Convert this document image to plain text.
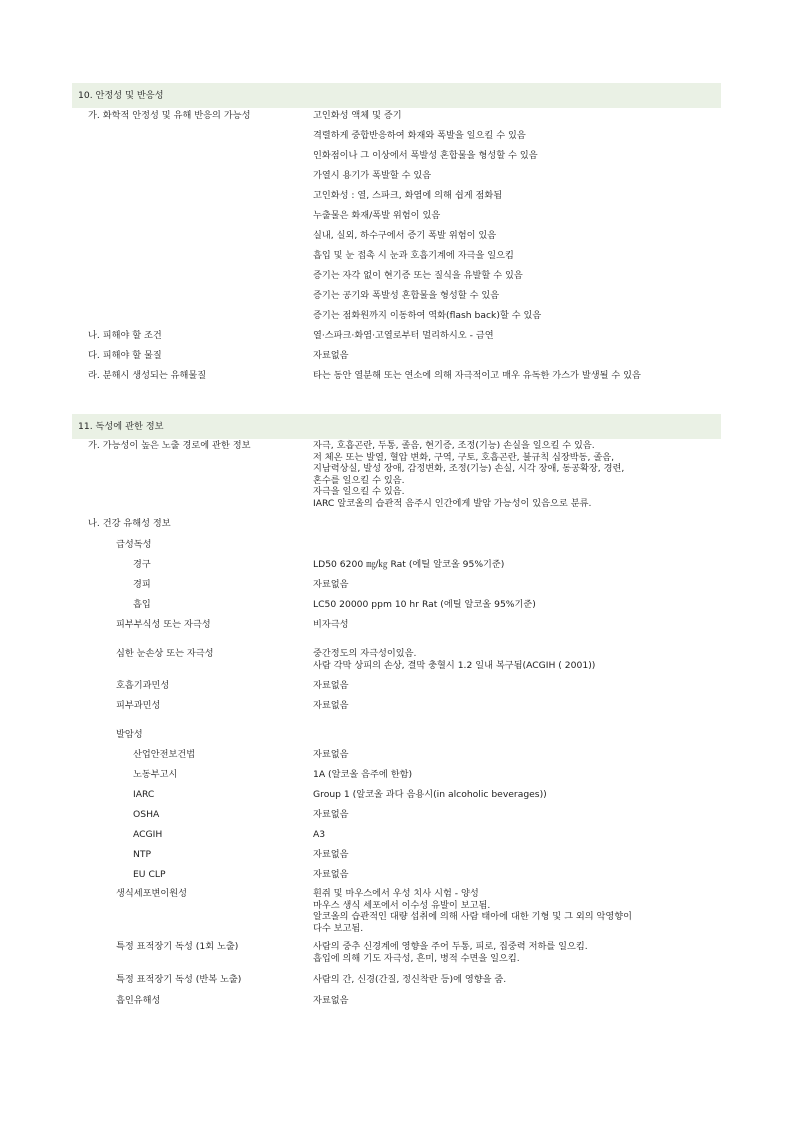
10. 안정성 및 반응성
가. 화학적 안정성 및 유해 반응의 가능성	고인화성 액체 및 증기
격렬하게 중합반응하여 화재와 폭발을 일으킬 수 있음
인화점이나 그 이상에서 폭발성 혼합물을 형성할 수 있음
가열시 용기가 폭발할 수 있음
고인화성 : 열, 스파크, 화염에 의해 쉽게 점화됨
누출물은 화재/폭발 위험이 있음
실내, 실외, 하수구에서 증기 폭발 위험이 있음
흡입 및 눈 접촉 시 눈과 호흡기계에 자극을 일으킴
증기는 자각 없이 현기증 또는 질식을 유발할 수 있음
증기는 공기와 폭발성 혼합물을 형성할 수 있음
증기는 점화원까지 이동하여 역화(flash back)할 수 있음
나. 피해야 할 조건	열·스파크·화염·고열로부터 멀리하시오 - 금연
다. 피해야 할 물질	자료없음
라. 분해시 생성되는 유해물질	타는 동안 열분해 또는 연소에 의해 자극적이고 매우 유독한 가스가 발생될 수 있음
11. 독성에 관한 정보
가. 가능성이 높은 노출 경로에 관한 정보	자극, 호흡곤란, 두통, 졸음, 현기증, 조정(기능) 손실을 일으킬 수 있음.
저 체온 또는 발열, 혈압 변화, 구역, 구토, 호흡곤란, 불규칙 심장박동, 졸음,
지남력상실, 발성 장애, 감정변화, 조정(기능) 손실, 시각 장애, 동공확장, 경련,
혼수를 일으킬 수 있음.
자극을 일으킬 수 있음.
IARC 알코올의 습관적 음주시 인간에게 발암 가능성이 있음으로 분류.
나. 건강 유해성 정보
급성독성
경구	LD50 6200 ㎎/㎏ Rat (에틸 알코올 95%기준)
경피	자료없음
흡입	LC50 20000 ppm 10 hr Rat (에틸 알코올 95%기준)
피부부식성 또는 자극성	비자극성
심한 눈손상 또는 자극성	중간정도의 자극성이있음.
사람 각막 상피의 손상, 결막 충혈시 1.2 일내 복구됨(ACGIH ( 2001))
호흡기과민성	자료없음
피부과민성	자료없음
발암성
산업안전보건법	자료없음
노동부고시	1A (알코올 음주에 한함)
IARC	Group 1 (알코올 과다 음용시(in alcoholic beverages))
OSHA	자료없음
ACGIH	A3
NTP	자료없음
EU CLP	자료없음
생식세포변이원성	흰쥐 및 마우스에서 우성 치사 시험 - 양성
마우스 생식 세포에서 이수성 유발이 보고됨.
알코올의 습관적인 대량 섭취에 의해 사람 태아에 대한 기형 및 그 외의 악영향이
다수 보고됨.
특정 표적장기 독성 (1회 노출)	사람의 중추 신경계에 영향을 주어 두통, 피로, 집중력 저하를 일으킴.
흡입에 의해 기도 자극성, 흔미, 병적 수면을 일으킴.
특정 표적장기 독성 (반복 노출)	사람의 간, 신경(간질, 정신착란 등)에 영향을 줌.
흡인유해성	자료없음
